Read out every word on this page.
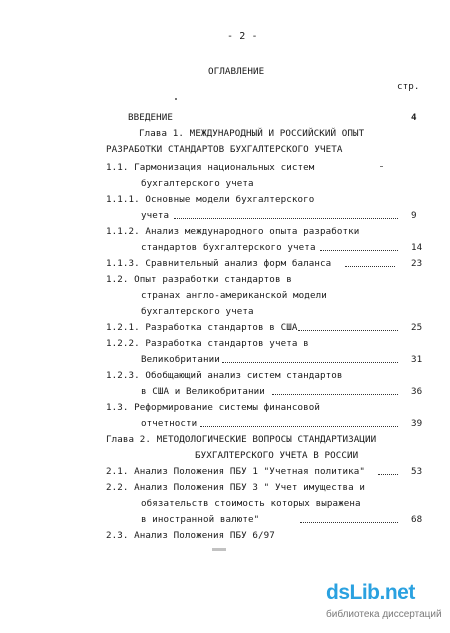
- 2 -
ОГЛАВЛЕНИЕ
стр.
ВВЕДЕНИЕ	4
Глава 1. МЕЖДУНАРОДНЫЙ И РОССИЙСКИЙ ОПЫТ
РАЗРАБОТКИ СТАНДАРТОВ БУХГАЛТЕРСКОГО УЧЕТА
1.1. Гармонизация национальных систем
бухгалтерского учета
1.1.1. Основные модели бухгалтерского
учета	9
1.1.2. Анализ международного опыта разработки
стандартов бухгалтерского учета	14
1.1.3. Сравнительный анализ форм баланса	23
1.2. Опыт разработки стандартов в
странах англо-американской модели
бухгалтерского учета
1.2.1. Разработка стандартов в США	25
1.2.2. Разработка стандартов учета в
Великобритании	31
1.2.3. Обобщающий анализ систем стандартов
в США и Великобритании	36
1.3. Реформирование системы финансовой
отчетности	39
Глава 2. МЕТОДОЛОГИЧЕСКИЕ ВОПРОСЫ СТАНДАРТИЗАЦИИ
БУХГАЛТЕРСКОГО УЧЕТА В РОССИИ
2.1. Анализ Положения ПБУ 1 "Учетная политика"	53
2.2. Анализ Положения ПБУ 3 " Учет имущества и
обязательств стоимость которых выражена
в иностранной валюте"	68
2.3. Анализ Положения ПБУ 6/97
dsLib.net
библиотека диссертаций
